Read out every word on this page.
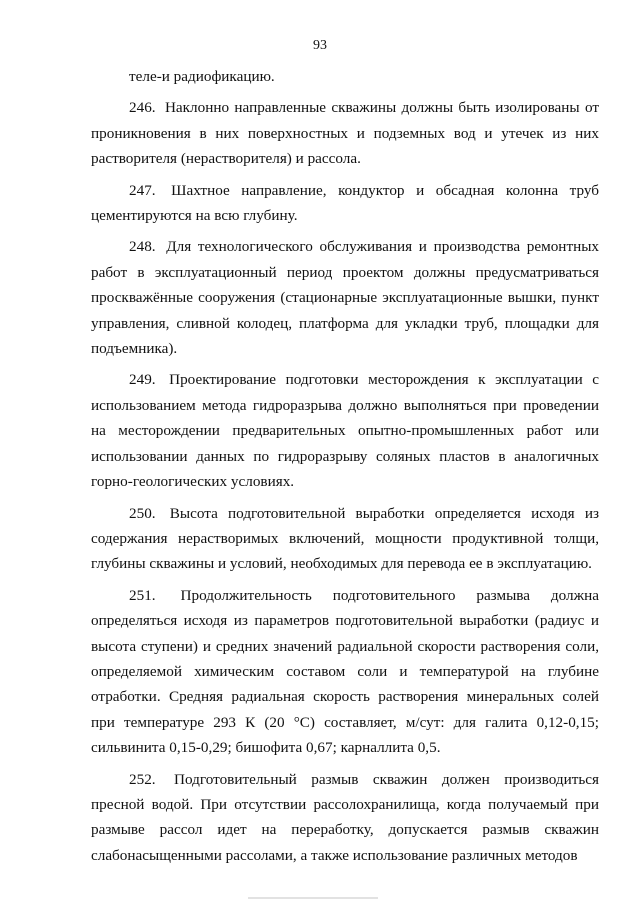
93

теле-и радиофикацию.

246. Наклонно направленные скважины должны быть изолированы от проникновения в них поверхностных и подземных вод и утечек из них растворителя (нерастворителя) и рассола.

247. Шахтное направление, кондуктор и обсадная колонна труб цементируются на всю глубину.

248. Для технологического обслуживания и производства ремонтных работ в эксплуатационный период проектом должны предусматриваться проскважённые сооружения (стационарные эксплуатационные вышки, пункт управления, сливной колодец, платформа для укладки труб, площадки для подъемника).

249. Проектирование подготовки месторождения к эксплуатации с использованием метода гидроразрыва должно выполняться при проведении на месторождении предварительных опытно-промышленных работ или использовании данных по гидроразрыву соляных пластов в аналогичных горно-геологических условиях.

250. Высота подготовительной выработки определяется исходя из содержания нерастворимых включений, мощности продуктивной толщи, глубины скважины и условий, необходимых для перевода ее в эксплуатацию.

251. Продолжительность подготовительного размыва должна определяться исходя из параметров подготовительной выработки (радиус и высота ступени) и средних значений радиальной скорости растворения соли, определяемой химическим составом соли и температурой на глубине отработки. Средняя радиальная скорость растворения минеральных солей при температуре 293 К (20 °С) составляет, м/сут: для галита 0,12-0,15; сильвинита 0,15-0,29; бишофита 0,67; карналлита 0,5.

252. Подготовительный размыв скважин должен производиться пресной водой. При отсутствии рассолохранилища, когда получаемый при размыве рассол идет на переработку, допускается размыв скважин слабонасыщенными рассолами, а также использование различных методов
